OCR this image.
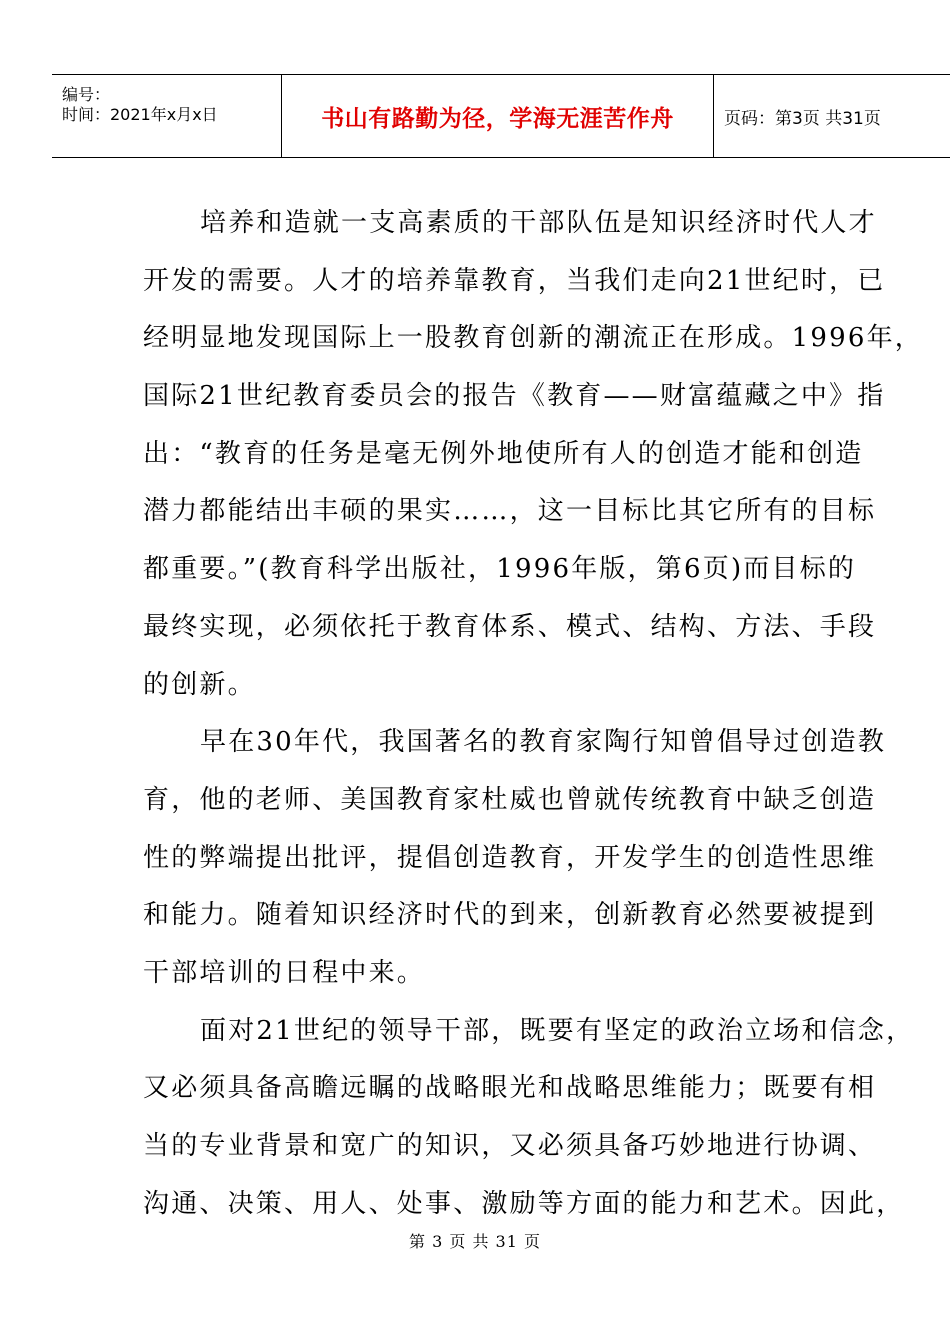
编号：
时间：2021年x月x日	书山有路勤为径，学海无涯苦作舟	页码：第3页 共31页
培养和造就一支高素质的干部队伍是知识经济时代人才
开发的需要。人才的培养靠教育，当我们走向21世纪时，已
经明显地发现国际上一股教育创新的潮流正在形成。1996年，
国际21世纪教育委员会的报告《教育——财富蕴藏之中》指
出：“教育的任务是毫无例外地使所有人的创造才能和创造
潜力都能结出丰硕的果实……，这一目标比其它所有的目标
都重要。”(教育科学出版社，1996年版，第6页)而目标的
最终实现，必须依托于教育体系、模式、结构、方法、手段
的创新。
早在30年代，我国著名的教育家陶行知曾倡导过创造教
育，他的老师、美国教育家杜威也曾就传统教育中缺乏创造
性的弊端提出批评，提倡创造教育，开发学生的创造性思维
和能力。随着知识经济时代的到来，创新教育必然要被提到
干部培训的日程中来。
面对21世纪的领导干部，既要有坚定的政治立场和信念，
又必须具备高瞻远瞩的战略眼光和战略思维能力；既要有相
当的专业背景和宽广的知识，又必须具备巧妙地进行协调、
沟通、决策、用人、处事、激励等方面的能力和艺术。因此，
第 3 页 共 31 页
